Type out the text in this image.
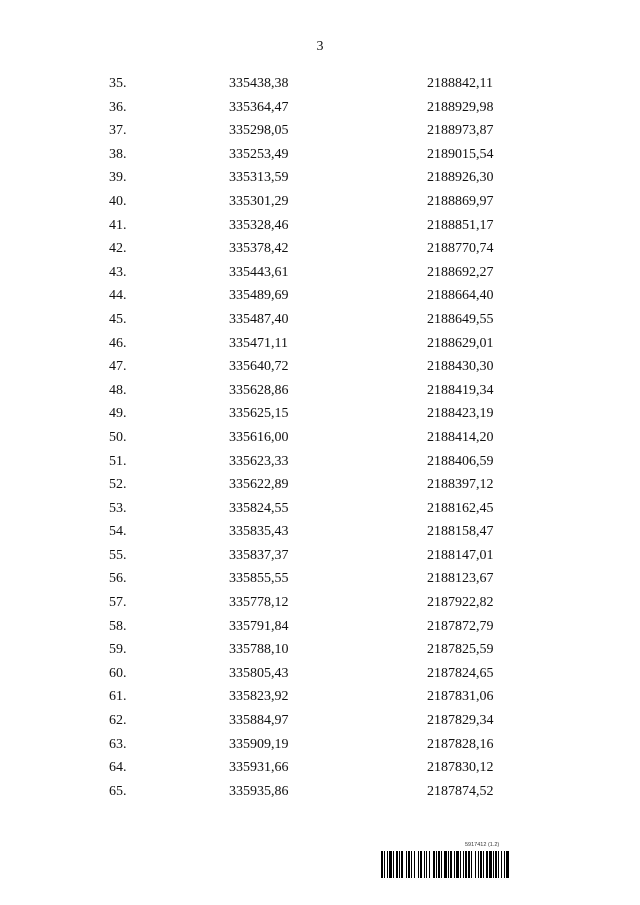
3
35.	335438,38	2188842,11
36.	335364,47	2188929,98
37.	335298,05	2188973,87
38.	335253,49	2189015,54
39.	335313,59	2188926,30
40.	335301,29	2188869,97
41.	335328,46	2188851,17
42.	335378,42	2188770,74
43.	335443,61	2188692,27
44.	335489,69	2188664,40
45.	335487,40	2188649,55
46.	335471,11	2188629,01
47.	335640,72	2188430,30
48.	335628,86	2188419,34
49.	335625,15	2188423,19
50.	335616,00	2188414,20
51.	335623,33	2188406,59
52.	335622,89	2188397,12
53.	335824,55	2188162,45
54.	335835,43	2188158,47
55.	335837,37	2188147,01
56.	335855,55	2188123,67
57.	335778,12	2187922,82
58.	335791,84	2187872,79
59.	335788,10	2187825,59
60.	335805,43	2187824,65
61.	335823,92	2187831,06
62.	335884,97	2187829,34
63.	335909,19	2187828,16
64.	335931,66	2187830,12
65.	335935,86	2187874,52
5917412 (1.2)
